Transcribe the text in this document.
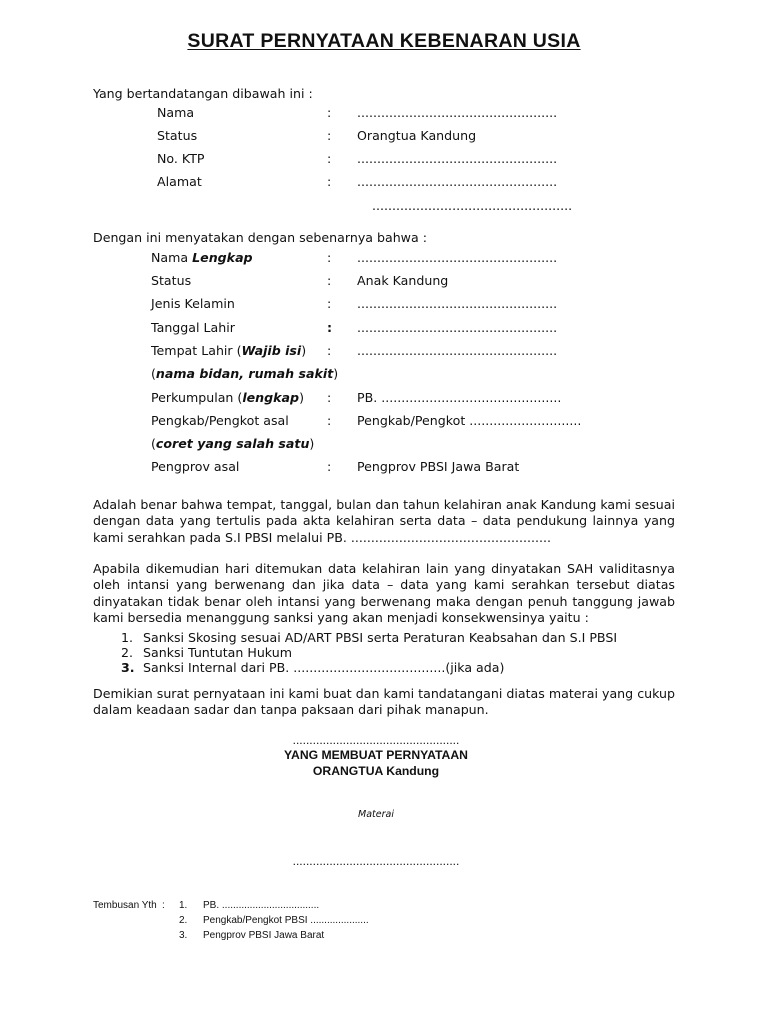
SURAT PERNYATAAN KEBENARAN USIA
Yang bertandatangan dibawah ini :
Nama	: ..................................................
Status	: Orangtua Kandung
No. KTP	: ..................................................
Alamat	: ..................................................
..................................................
Dengan ini menyatakan dengan sebenarnya bahwa :
Nama Lengkap	: ..................................................
Status	: Anak Kandung
Jenis Kelamin	: ..................................................
Tanggal Lahir	: ..................................................
Tempat Lahir (Wajib isi) : ..................................................
(nama bidan, rumah sakit)
Perkumpulan (lengkap) : PB. .............................................
Pengkab/Pengkot asal	: Pengkab/Pengkot ............................
(coret yang salah satu)
Pengprov asal	: Pengprov PBSI Jawa Barat
Adalah benar bahwa tempat, tanggal, bulan dan tahun kelahiran anak Kandung kami sesuai
dengan data yang tertulis pada akta kelahiran serta data – data pendukung lainnya yang
kami serahkan pada S.I PBSI melalui PB. ..................................................
Apabila dikemudian hari ditemukan data kelahiran lain yang dinyatakan SAH validitasnya
oleh intansi yang berwenang dan jika data – data yang kami serahkan tersebut diatas
dinyatakan tidak benar oleh intansi yang berwenang maka dengan penuh tanggung jawab
kami bersedia menanggung sanksi yang akan menjadi konsekwensinya yaitu :
1. Sanksi Skosing sesuai AD/ART PBSI serta Peraturan Keabsahan dan S.I PBSI
2. Sanksi Tuntutan Hukum
3. Sanksi Internal dari PB. ......................................(jika ada)
Demikian surat pernyataan ini kami buat dan kami tandatangani diatas materai yang cukup
dalam keadaan sadar dan tanpa paksaan dari pihak manapun.
..................................................
YANG MEMBUAT PERNYATAAN
ORANGTUA Kandung
Materai
..................................................
Tembusan Yth : 1. PB. ...................................
2. Pengkab/Pengkot PBSI .....................
3. Pengprov PBSI Jawa Barat
